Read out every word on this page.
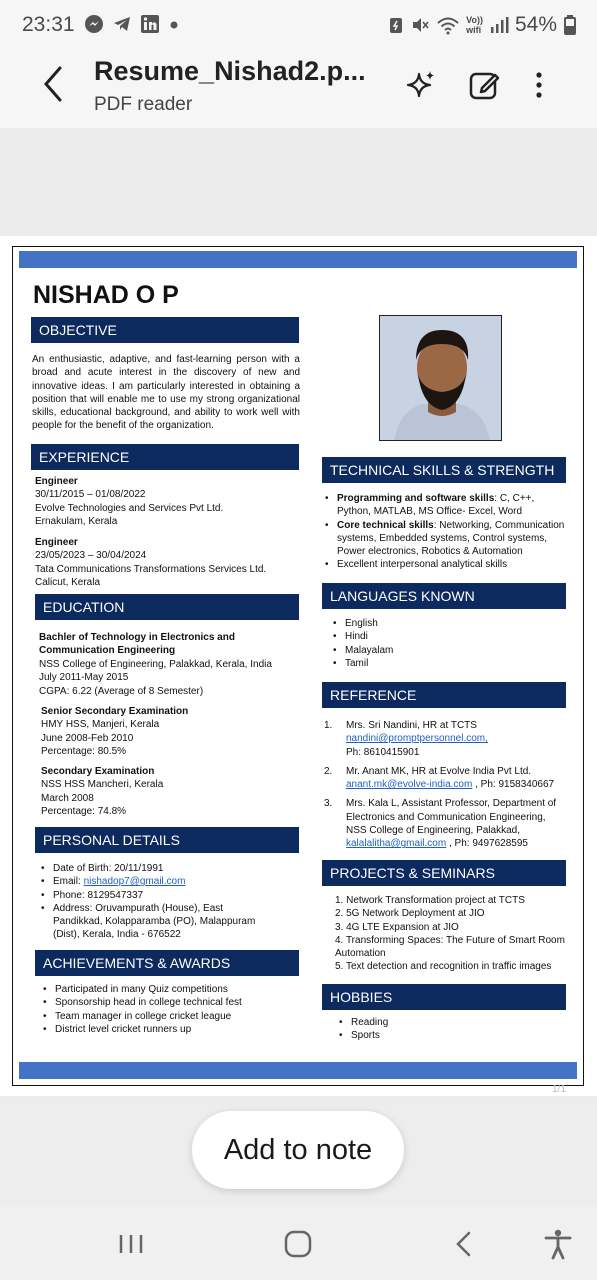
23:31	Vo))
wifi 54%
Resume_Nishad2.p...
PDF reader
NISHAD O P
OBJECTIVE
An enthusiastic, adaptive, and fast-learning person with a broad and acute interest in the discovery of new and innovative ideas. I am particularly interested in obtaining a position that will enable me to use my strong organizational skills, educational background, and ability to work well with people for the benefit of the organization.
EXPERIENCE
Engineer
30/11/2015 – 01/08/2022
Evolve Technologies and Services Pvt Ltd.
Ernakulam, Kerala
Engineer
23/05/2023 – 30/04/2024
Tata Communications Transformations Services Ltd.
Calicut, Kerala
EDUCATION
Bachler of Technology in Electronics and Communication Engineering
NSS College of Engineering, Palakkad, Kerala, India
July 2011-May 2015
CGPA: 6.22 (Average of 8 Semester)
Senior Secondary Examination
HMY HSS, Manjeri, Kerala
June 2008-Feb 2010
Percentage: 80.5%
Secondary Examination
NSS HSS Mancheri, Kerala
March 2008
Percentage: 74.8%
PERSONAL DETAILS
• Date of Birth: 20/11/1991
• Email: nishadop7@gmail.com
• Phone: 8129547337
• Address: Oruvampurath (House), East Pandikkad, Kolapparamba (PO), Malappuram (Dist), Kerala, India - 676522
ACHIEVEMENTS & AWARDS
• Participated in many Quiz competitions
• Sponsorship head in college technical fest
• Team manager in college cricket league
• District level cricket runners up
TECHNICAL SKILLS & STRENGTH
• Programming and software skills: C, C++, Python, MATLAB, MS Office- Excel, Word
• Core technical skills: Networking, Communication systems, Embedded systems, Control systems, Power electronics, Robotics & Automation
• Excellent interpersonal analytical skills
LANGUAGES KNOWN
• English
• Hindi
• Malayalam
• Tamil
REFERENCE
1. Mrs. Sri Nandini, HR at TCTS
nandini@promptpersonnel.com,
Ph: 8610415901
2. Mr. Anant MK, HR at Evolve India Pvt Ltd.
anant.mk@evolve-india.com , Ph: 9158340667
3. Mrs. Kala L, Assistant Professor, Department of Electronics and Communication Engineering, NSS College of Engineering, Palakkad,
kalalalitha@gmail.com , Ph: 9497628595
PROJECTS & SEMINARS
1. Network Transformation project at TCTS
2. 5G Network Deployment at JIO
3. 4G LTE Expansion at JIO
4. Transforming Spaces: The Future of Smart Room Automation
5. Text detection and recognition in traffic images
HOBBIES
• Reading
• Sports
1/1
Add to note
